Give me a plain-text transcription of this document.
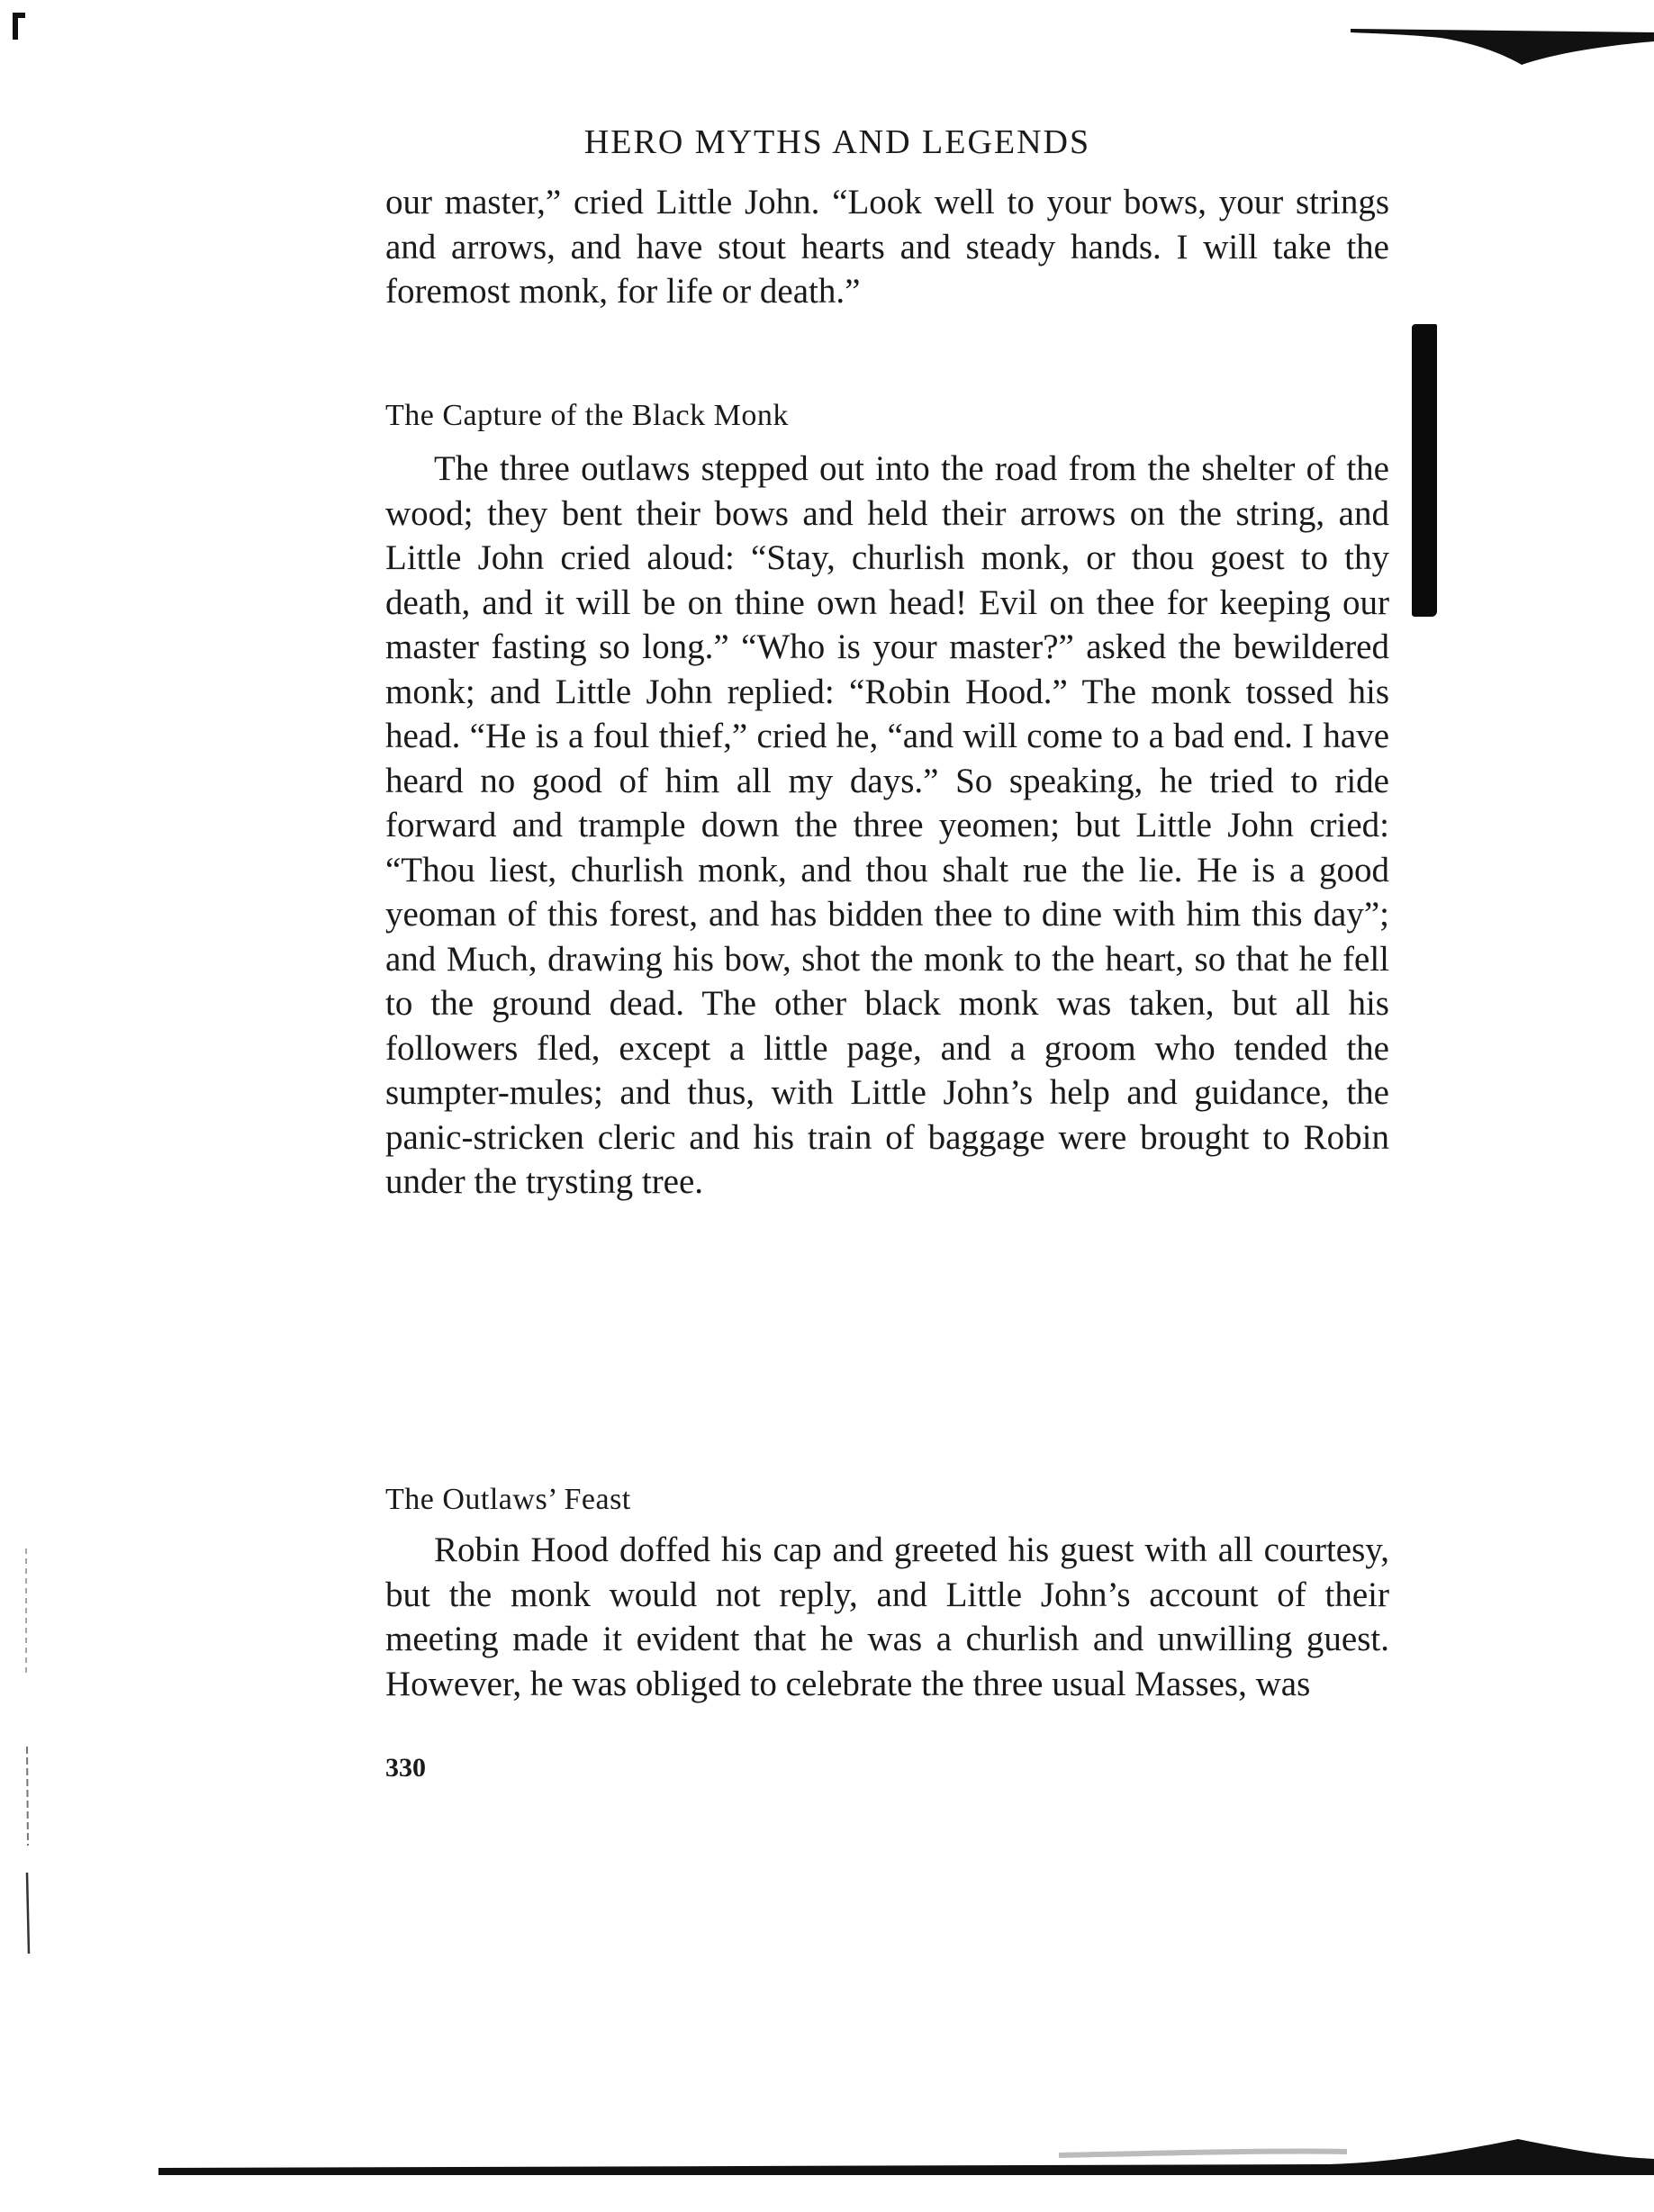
HERO MYTHS AND LEGENDS

our master,” cried Little John. “Look well to your bows, your strings and arrows, and have stout hearts and steady hands. I will take the foremost monk, for life or death.”

The Capture of the Black Monk

The three outlaws stepped out into the road from the shelter of the wood; they bent their bows and held their arrows on the string, and Little John cried aloud: “Stay, churlish monk, or thou goest to thy death, and it will be on thine own head! Evil on thee for keeping our master fasting so long.” “Who is your master?” asked the bewildered monk; and Little John replied: “Robin Hood.” The monk tossed his head. “He is a foul thief,” cried he, “and will come to a bad end. I have heard no good of him all my days.” So speaking, he tried to ride forward and trample down the three yeomen; but Little John cried: “Thou liest, churlish monk, and thou shalt rue the lie. He is a good yeoman of this forest, and has bidden thee to dine with him this day”; and Much, drawing his bow, shot the monk to the heart, so that he fell to the ground dead. The other black monk was taken, but all his followers fled, except a little page, and a groom who tended the sumpter-mules; and thus, with Little John’s help and guidance, the panic-stricken cleric and his train of baggage were brought to Robin under the trysting tree.

The Outlaws’ Feast

Robin Hood doffed his cap and greeted his guest with all courtesy, but the monk would not reply, and Little John’s account of their meeting made it evident that he was a churlish and unwilling guest. However, he was obliged to celebrate the three usual Masses, was

330
